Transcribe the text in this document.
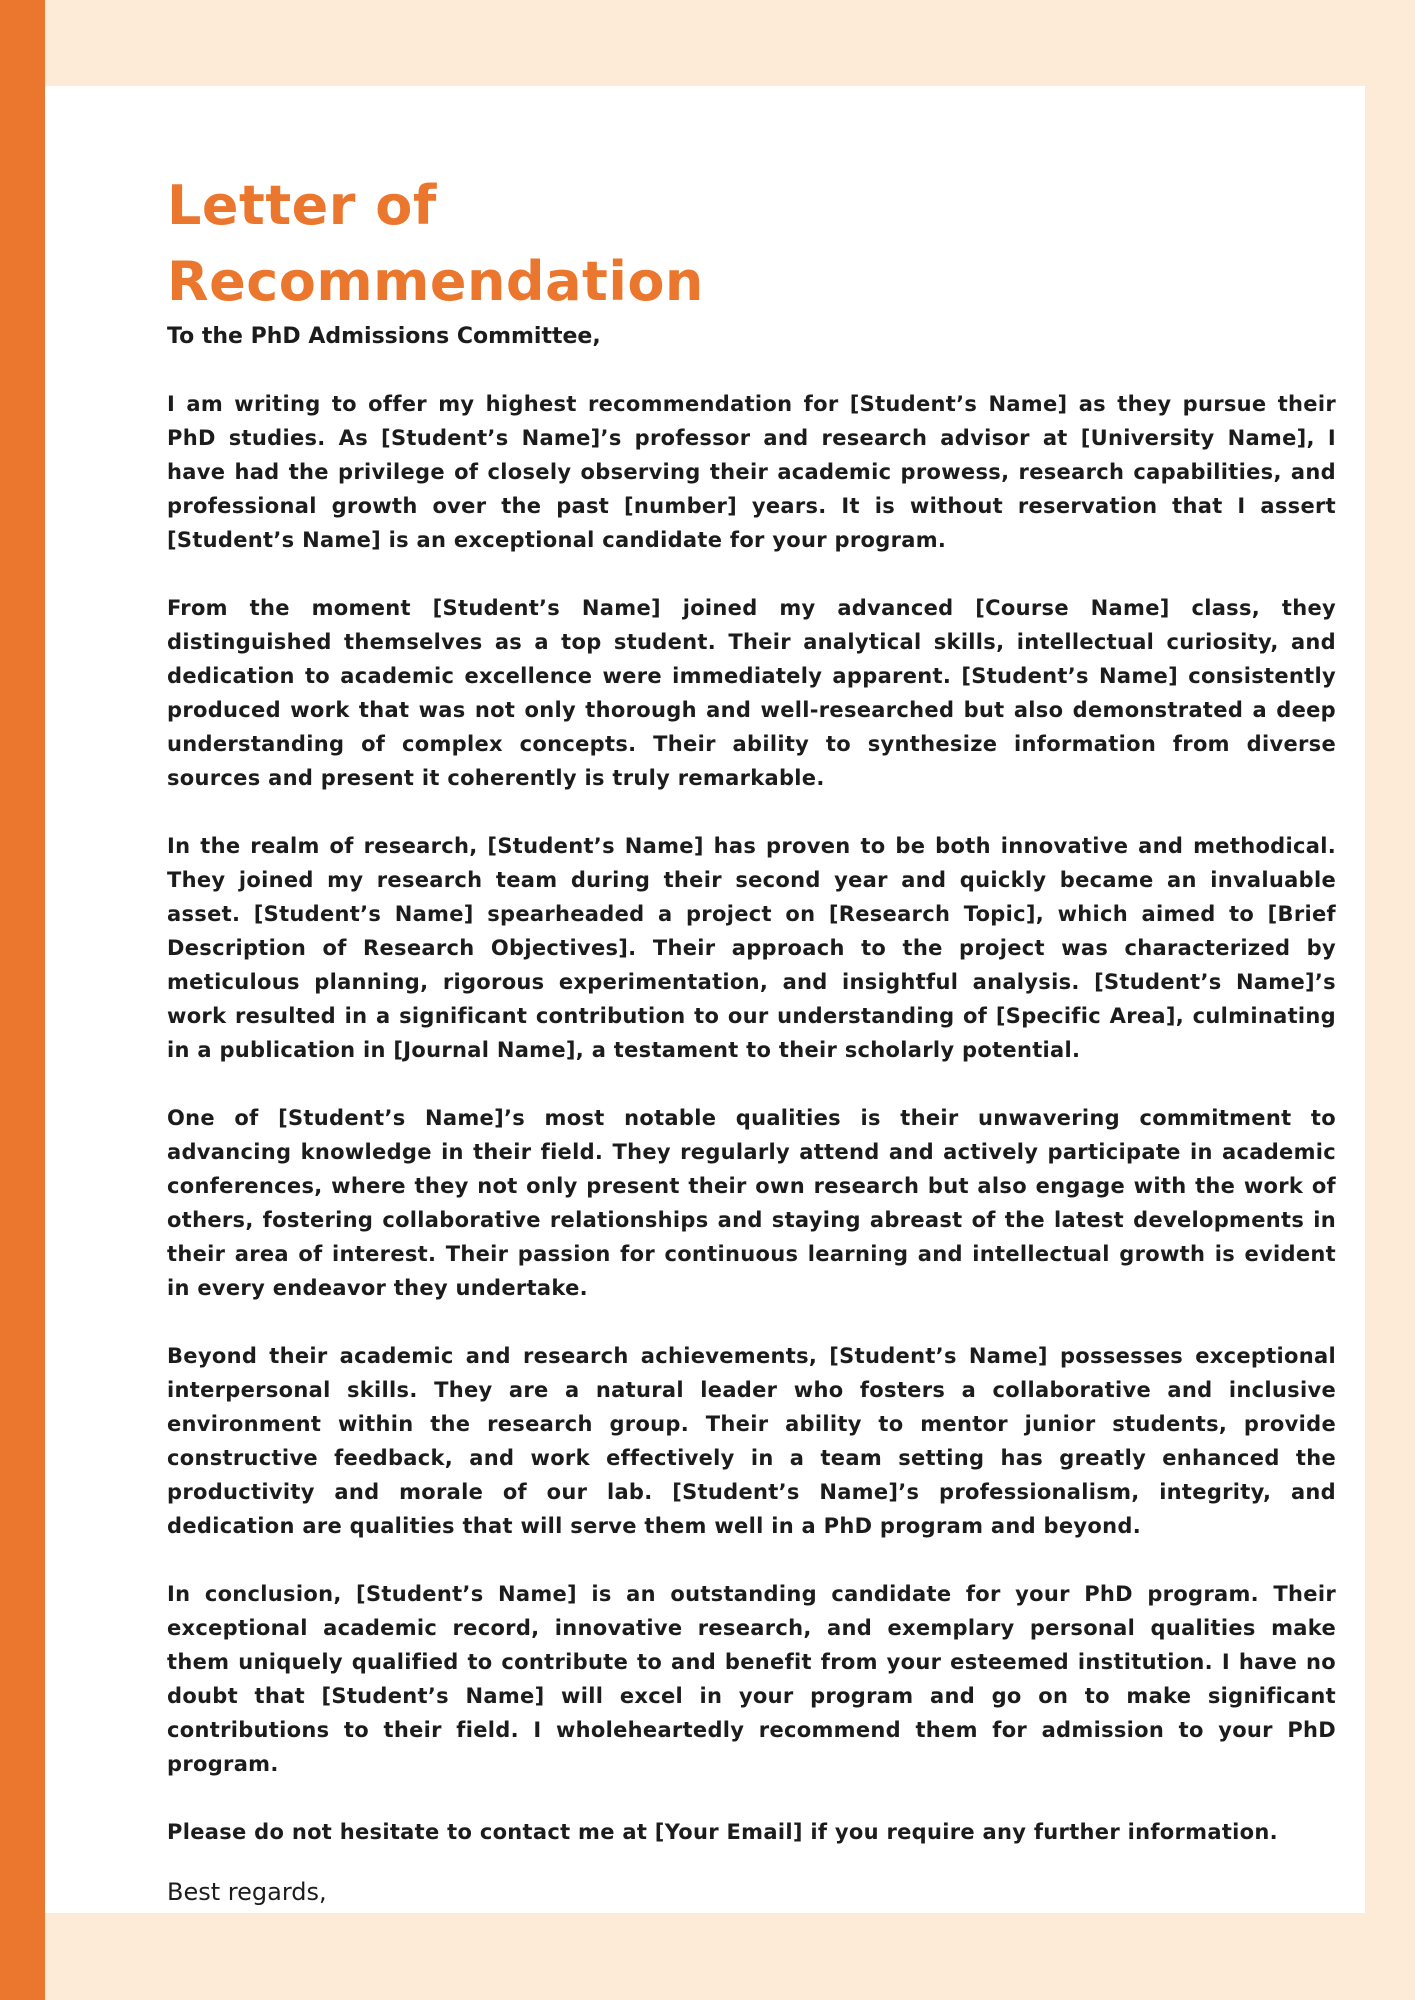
Letter of
Recommendation

To the PhD Admissions Committee,

I am writing to offer my highest recommendation for [Student’s Name] as they pursue their PhD studies. As [Student’s Name]’s professor and research advisor at [University Name], I have had the privilege of closely observing their academic prowess, research capabilities, and professional growth over the past [number] years. It is without reservation that I assert [Student’s Name] is an exceptional candidate for your program.

From the moment [Student’s Name] joined my advanced [Course Name] class, they distinguished themselves as a top student. Their analytical skills, intellectual curiosity, and dedication to academic excellence were immediately apparent. [Student’s Name] consistently produced work that was not only thorough and well-researched but also demonstrated a deep understanding of complex concepts. Their ability to synthesize information from diverse sources and present it coherently is truly remarkable.

In the realm of research, [Student’s Name] has proven to be both innovative and methodical. They joined my research team during their second year and quickly became an invaluable asset. [Student’s Name] spearheaded a project on [Research Topic], which aimed to [Brief Description of Research Objectives]. Their approach to the project was characterized by meticulous planning, rigorous experimentation, and insightful analysis. [Student’s Name]’s work resulted in a significant contribution to our understanding of [Specific Area], culminating in a publication in [Journal Name], a testament to their scholarly potential.

One of [Student’s Name]’s most notable qualities is their unwavering commitment to advancing knowledge in their field. They regularly attend and actively participate in academic conferences, where they not only present their own research but also engage with the work of others, fostering collaborative relationships and staying abreast of the latest developments in their area of interest. Their passion for continuous learning and intellectual growth is evident in every endeavor they undertake.

Beyond their academic and research achievements, [Student’s Name] possesses exceptional interpersonal skills. They are a natural leader who fosters a collaborative and inclusive environment within the research group. Their ability to mentor junior students, provide constructive feedback, and work effectively in a team setting has greatly enhanced the productivity and morale of our lab. [Student’s Name]’s professionalism, integrity, and dedication are qualities that will serve them well in a PhD program and beyond.

In conclusion, [Student’s Name] is an outstanding candidate for your PhD program. Their exceptional academic record, innovative research, and exemplary personal qualities make them uniquely qualified to contribute to and benefit from your esteemed institution. I have no doubt that [Student’s Name] will excel in your program and go on to make significant contributions to their field. I wholeheartedly recommend them for admission to your PhD program.

Please do not hesitate to contact me at [Your Email] if you require any further information.

Best regards,
